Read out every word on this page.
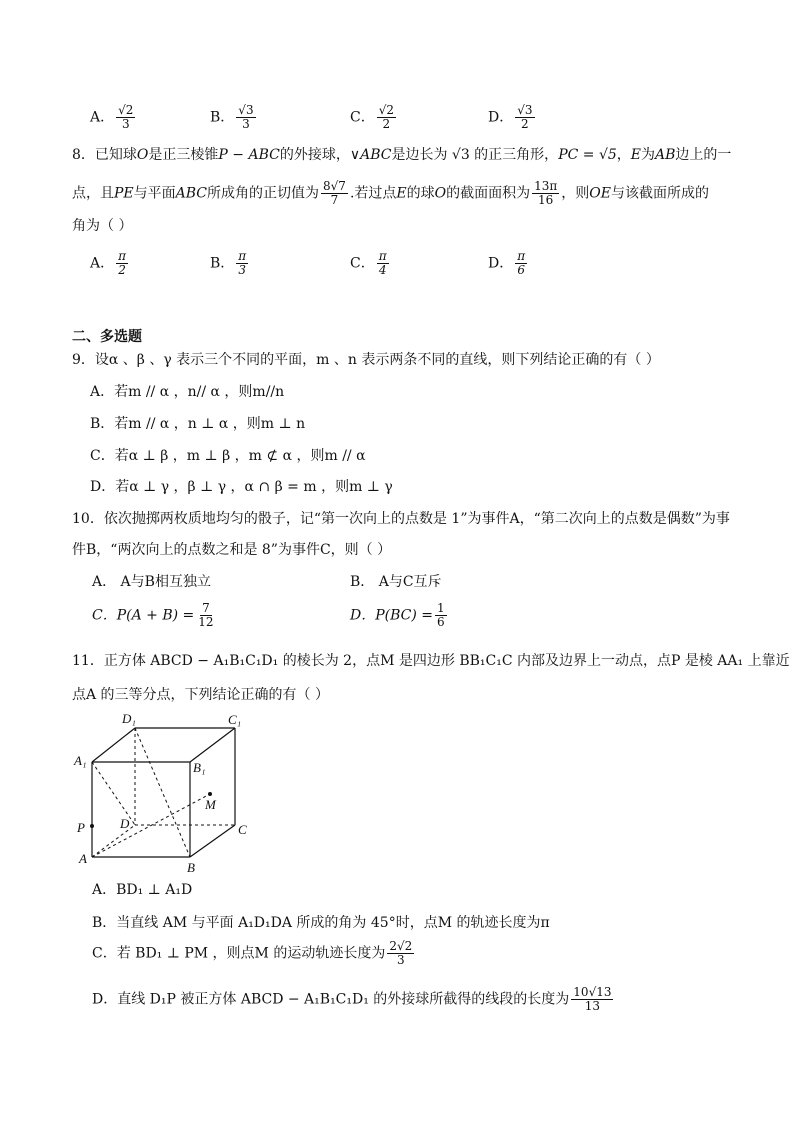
A． $\frac{√2}{3}$	B． $\frac{√3}{3}$	C． $\frac{√2}{2}$	D． $\frac{√3}{2}$
8．已知球O是正三棱锥P − ABC的外接球，∨ABC是边长为 √3 的正三角形，PC = √5，E为AB边上的一
点，且PE与平面ABC所成角的正切值为 $\frac{8√7}{7}$ .若过点E的球O的截面面积为 $\frac{13\pi}{16}$ ，则OE与该截面所成的
角为（ ）
A． $\frac{\pi}{2}$	B． $\frac{\pi}{3}$	C． $\frac{\pi}{4}$	D． $\frac{\pi}{6}$
二、多选题
9．设α 、β 、γ 表示三个不同的平面，m 、n 表示两条不同的直线，则下列结论正确的有（ ）
A．若m // α ，n// α ，则m//n
B．若m // α ，n ⊥ α ，则m ⊥ n
C．若α ⊥ β ，m ⊥ β ，m ⊄ α ，则m // α
D．若α ⊥ γ ，β ⊥ γ ，α ∩ β = m ，则m ⊥ γ
10．依次抛掷两枚质地均匀的骰子，记“第一次向上的点数是 1”为事件A，“第二次向上的点数是偶数”为事
件B，“两次向上的点数之和是 8”为事件C，则（ ）
A． A与B相互独立	B． A与C互斥
C．$P(A + B) = \frac{7}{12}$	D．$P(BC) = \frac{1}{6}$
11．正方体 ABCD − A₁B₁C₁D₁ 的棱长为 2，点M 是四边形 BB₁C₁C 内部及边界上一动点，点P 是棱 AA₁ 上靠近
点A 的三等分点，下列结论正确的有（ ）
D₁	C₁
A₁	B₁
M
D	C
P
A
B
A．BD₁ ⊥ A₁D
B．当直线 AM 与平面 A₁D₁DA 所成的角为 45°时，点M 的轨迹长度为π
C．若 BD₁ ⊥ PM ，则点M 的运动轨迹长度为 $\frac{2√2}{3}$
D．直线 D₁P 被正方体 ABCD − A₁B₁C₁D₁ 的外接球所截得的线段的长度为 $\frac{10√13}{13}$
